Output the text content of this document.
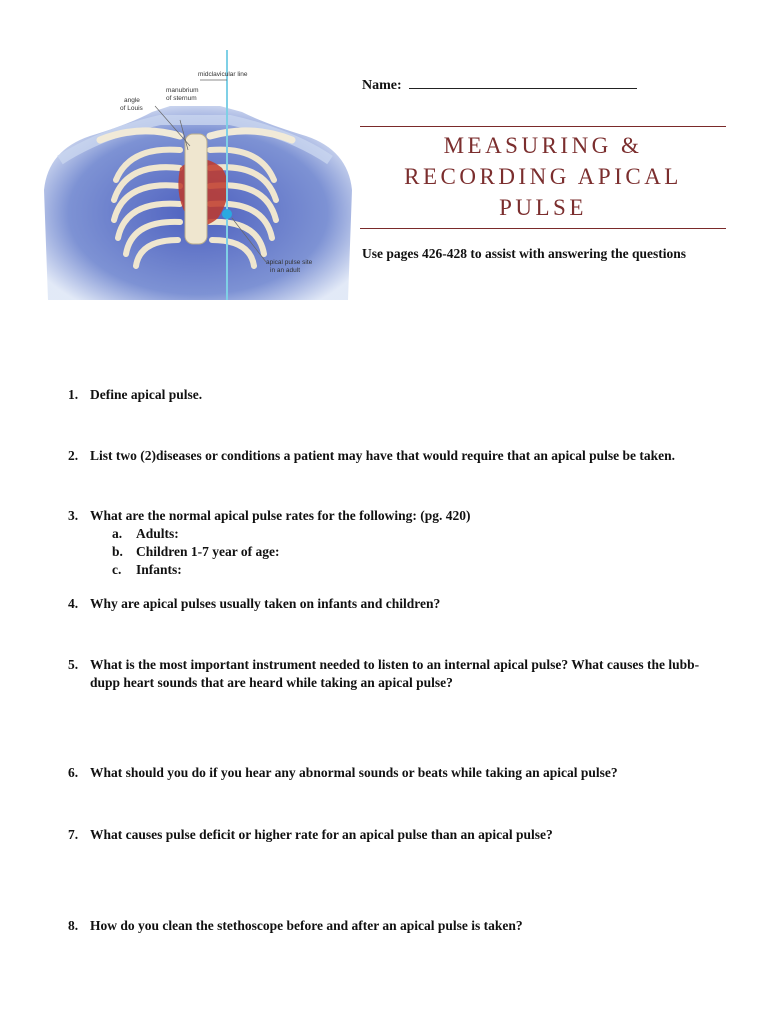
midclavicular line
manubrium
of sternum
angle
of Louis
apical pulse site
in an adult
Name:
MEASURING &
RECORDING APICAL
PULSE
Use pages 426-428 to assist with answering the questions
1. Define apical pulse.
2. List two (2)diseases or conditions a patient may have that would require that an apical pulse be taken.
3. What are the normal apical pulse rates for the following: (pg. 420)
a. Adults:
b. Children 1-7 year of age:
c. Infants:
4. Why are apical pulses usually taken on infants and children?
5. What is the most important instrument needed to listen to an internal apical pulse? What causes the lubb-dupp heart sounds that are heard while taking an apical pulse?
6. What should you do if you hear any abnormal sounds or beats while taking an apical pulse?
7. What causes pulse deficit or higher rate for an apical pulse than an apical pulse?
8. How do you clean the stethoscope before and after an apical pulse is taken?
